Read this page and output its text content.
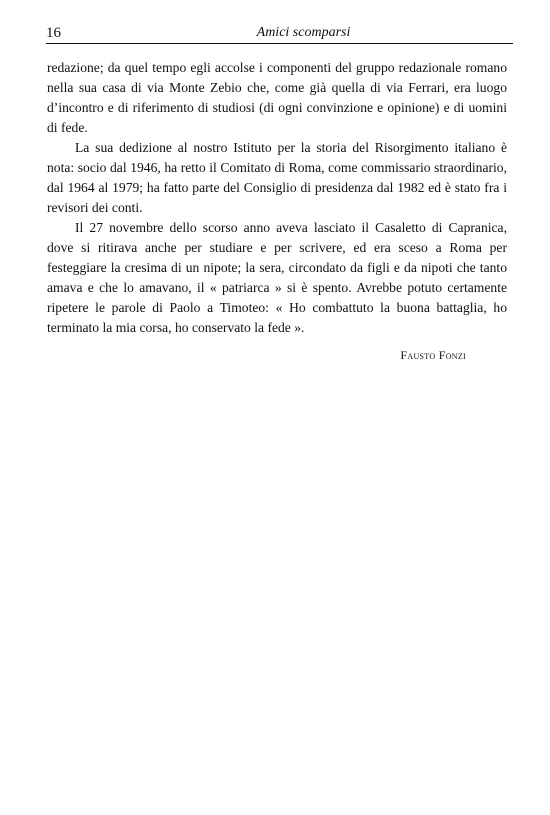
16	Amici scomparsi

redazione; da quel tempo egli accolse i componenti del gruppo redazionale romano nella sua casa di via Monte Zebio che, come già quella di via Ferrari, era luogo d’incontro e di riferimento di studiosi (di ogni convinzione e opinione) e di uomini di fede.

La sua dedizione al nostro Istituto per la storia del Risorgimento italiano è nota: socio dal 1946, ha retto il Comitato di Roma, come commissario straordinario, dal 1964 al 1979; ha fatto parte del Consiglio di presidenza dal 1982 ed è stato fra i revisori dei conti.

Il 27 novembre dello scorso anno aveva lasciato il Casaletto di Capranica, dove si ritirava anche per studiare e per scrivere, ed era sceso a Roma per festeggiare la cresima di un nipote; la sera, circondato da figli e da nipoti che tanto amava e che lo amavano, il « patriarca » si è spento. Avrebbe potuto certamente ripetere le parole di Paolo a Timoteo: « Ho combattuto la buona battaglia, ho terminato la mia corsa, ho conservato la fede ».

Fausto Fonzi
